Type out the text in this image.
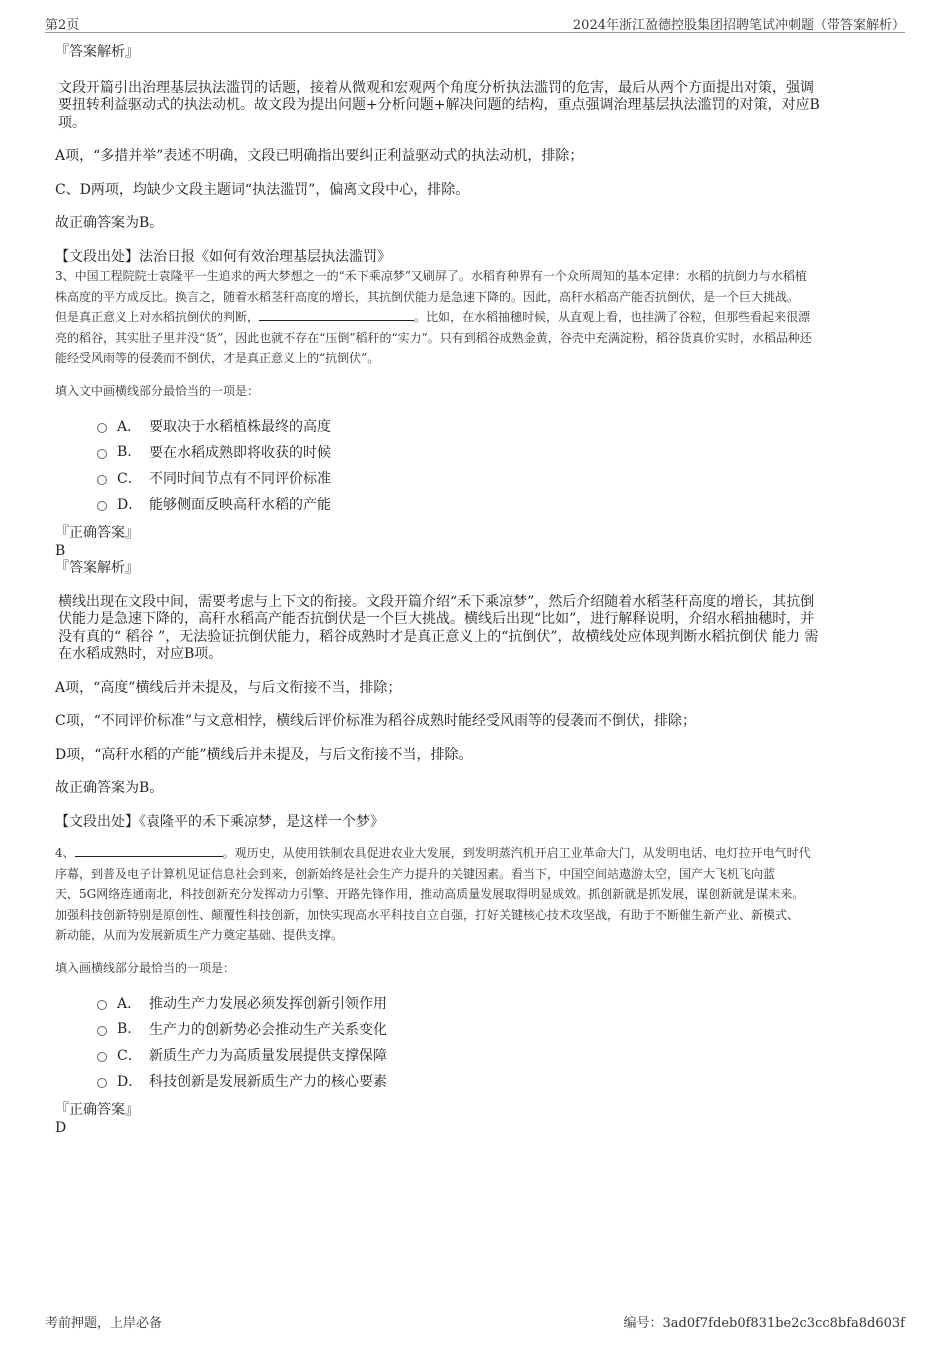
第2页	2024年浙江盈德控股集团招聘笔试冲刺题（带答案解析）

『答案解析』

文段开篇引出治理基层执法滥罚的话题，接着从微观和宏观两个角度分析执法滥罚的危害，最后从两个方面提出对策，强调

要扭转利益驱动式的执法动机。故文段为提出问题+分析问题+解决问题的结构，重点强调治理基层执法滥罚的对策，对应B

项。

A项，“多措并举”表述不明确，文段已明确指出要纠正利益驱动式的执法动机，排除；

C、D两项，均缺少文段主题词“执法滥罚”，偏离文段中心，排除。

故正确答案为B。

【文段出处】法治日报《如何有效治理基层执法滥罚》

3、中国工程院院士袁隆平一生追求的两大梦想之一的“禾下乘凉梦”又刷屏了。水稻育种界有一个众所周知的基本定律：水稻的抗倒力与水稻植

株高度的平方成反比。换言之，随着水稻茎秆高度的增长，其抗倒伏能力是急速下降的。因此，高秆水稻高产能否抗倒伏，是一个巨大挑战。

但是真正意义上对水稻抗倒伏的判断，	。比如，在水稻抽穗时候，从直观上看，也挂满了谷粒，但那些看起来很漂

亮的稻谷，其实肚子里并没“货”，因此也就不存在“压倒”稻秆的“实力”。只有到稻谷成熟金黄，谷壳中充满淀粉，稻谷货真价实时，水稻品种还

能经受风雨等的侵袭而不倒伏，才是真正意义上的“抗倒伏”。

填入文中画横线部分最恰当的一项是：

A． 要取决于水稻植株最终的高度
B.	要在水稻成熟即将收获的时候
C． 不同时间节点有不同评价标准
D． 能够侧面反映高秆水稻的产能

『正确答案』

B

『答案解析』

横线出现在文段中间，需要考虑与上下文的衔接。文段开篇介绍“禾下乘凉梦”，然后介绍随着水稻茎秆高度的增长，其抗倒

伏能力是急速下降的，高秆水稻高产能否抗倒伏是一个巨大挑战。横线后出现“比如”，进行解释说明，介绍水稻抽穗时，并

没有真的“ 稻谷 ”，无法验证抗倒伏能力，稻谷成熟时才是真正意义上的“抗倒伏”，故横线处应体现判断水稻抗倒伏 能力 需

在水稻成熟时，对应B项。

A项，“高度”横线后并未提及，与后文衔接不当，排除；

C项，“不同评价标准”与文意相悖，横线后评价标准为稻谷成熟时能经受风雨等的侵袭而不倒伏，排除；

D项，“高秆水稻的产能”横线后并未提及，与后文衔接不当，排除。

故正确答案为B。

【文段出处】《袁隆平的禾下乘凉梦，是这样一个梦》

4、	。观历史，从使用铁制农具促进农业大发展，到发明蒸汽机开启工业革命大门，从发明电话、电灯拉开电气时代

序幕，到普及电子计算机见证信息社会到来，创新始终是社会生产力提升的关键因素。看当下，中国空间站遨游太空，国产大飞机飞向蓝

天，5G网络连通南北，科技创新充分发挥动力引擎、开路先锋作用，推动高质量发展取得明显成效。抓创新就是抓发展，谋创新就是谋未来。

加强科技创新特别是原创性、颠覆性科技创新，加快实现高水平科技自立自强，打好关键核心技术攻坚战，有助于不断催生新产业、新模式、

新动能，从而为发展新质生产力奠定基础、提供支撑。

填入画横线部分最恰当的一项是：

A． 推动生产力发展必须发挥创新引领作用
B.	生产力的创新势必会推动生产关系变化
C． 新质生产力为高质量发展提供支撑保障
D． 科技创新是发展新质生产力的核心要素

『正确答案』

D

考前押题，上岸必备	编号：3ad0f7fdeb0f831be2c3cc8bfa8d603f
